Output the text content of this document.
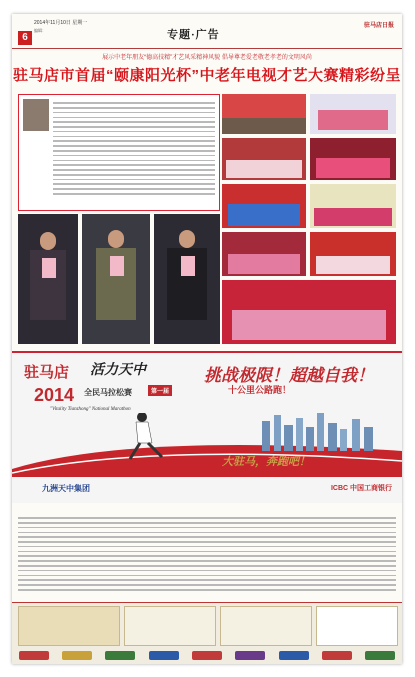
6
2014年11月10日 星期一
编辑：	专题·广告
驻马店日报
展示中老年朋友“德高技精”才艺风采精神风貌 倡导尊老爱老敬老孝老的文明风尚
驻马店市首届“颐康阳光杯”中老年电视才艺大赛精彩纷呈
驻马店 活力天中
2014 全民马拉松赛	第一届
"Vitality Tianzhong" National Marathon
挑战极限！超越自我！
十公里公路跑！
大驻马，奔跑吧！
九洲天中集团	ICBC 中国工商银行
